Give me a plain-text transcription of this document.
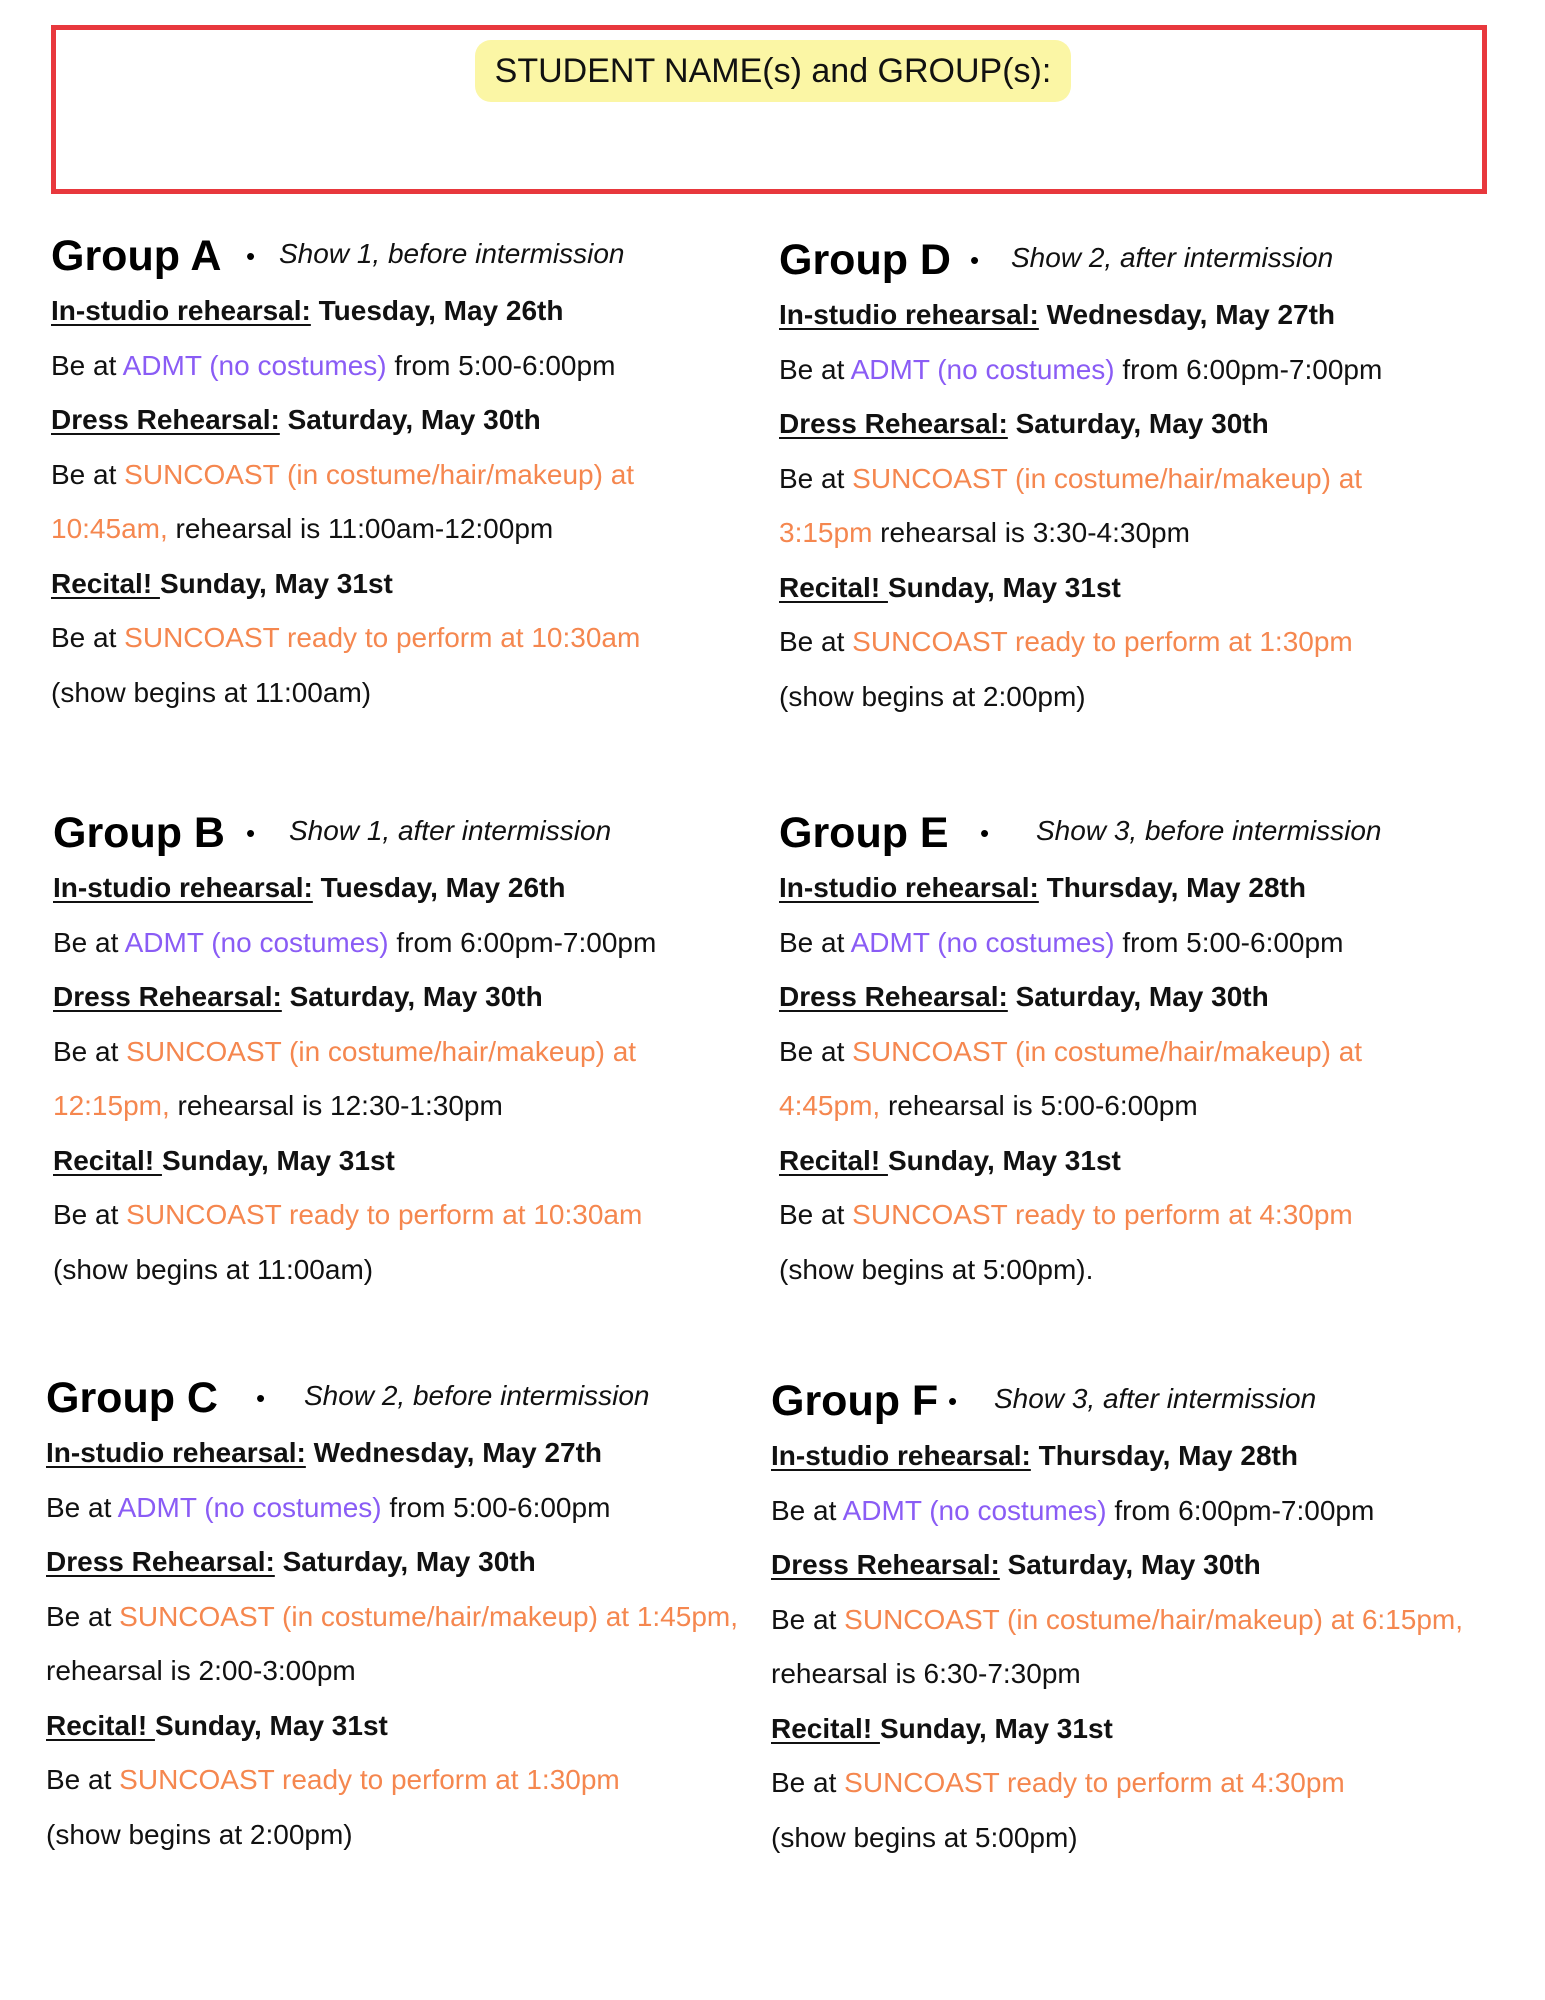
STUDENT NAME(s) and GROUP(s):
Group A • Show 1, before intermission
In-studio rehearsal: Tuesday, May 26th
Be at ADMT (no costumes) from 5:00-6:00pm
Dress Rehearsal: Saturday, May 30th
Be at SUNCOAST (in costume/hair/makeup) at
10:45am, rehearsal is 11:00am-12:00pm
Recital! Sunday, May 31st
Be at SUNCOAST ready to perform at 10:30am
(show begins at 11:00am)
Group D • Show 2, after intermission
In-studio rehearsal: Wednesday, May 27th
Be at ADMT (no costumes) from 6:00pm-7:00pm
Dress Rehearsal: Saturday, May 30th
Be at SUNCOAST (in costume/hair/makeup) at
3:15pm rehearsal is 3:30-4:30pm
Recital! Sunday, May 31st
Be at SUNCOAST ready to perform at 1:30pm
(show begins at 2:00pm)
Group B • Show 1, after intermission
In-studio rehearsal: Tuesday, May 26th
Be at ADMT (no costumes) from 6:00pm-7:00pm
Dress Rehearsal: Saturday, May 30th
Be at SUNCOAST (in costume/hair/makeup) at
12:15pm, rehearsal is 12:30-1:30pm
Recital! Sunday, May 31st
Be at SUNCOAST ready to perform at 10:30am
(show begins at 11:00am)
Group E • Show 3, before intermission
In-studio rehearsal: Thursday, May 28th
Be at ADMT (no costumes) from 5:00-6:00pm
Dress Rehearsal: Saturday, May 30th
Be at SUNCOAST (in costume/hair/makeup) at
4:45pm, rehearsal is 5:00-6:00pm
Recital! Sunday, May 31st
Be at SUNCOAST ready to perform at 4:30pm
(show begins at 5:00pm).
Group C • Show 2, before intermission
In-studio rehearsal: Wednesday, May 27th
Be at ADMT (no costumes) from 5:00-6:00pm
Dress Rehearsal: Saturday, May 30th
Be at SUNCOAST (in costume/hair/makeup) at 1:45pm,
rehearsal is 2:00-3:00pm
Recital! Sunday, May 31st
Be at SUNCOAST ready to perform at 1:30pm
(show begins at 2:00pm)
Group F • Show 3, after intermission
In-studio rehearsal: Thursday, May 28th
Be at ADMT (no costumes) from 6:00pm-7:00pm
Dress Rehearsal: Saturday, May 30th
Be at SUNCOAST (in costume/hair/makeup) at 6:15pm,
rehearsal is 6:30-7:30pm
Recital! Sunday, May 31st
Be at SUNCOAST ready to perform at 4:30pm
(show begins at 5:00pm)
